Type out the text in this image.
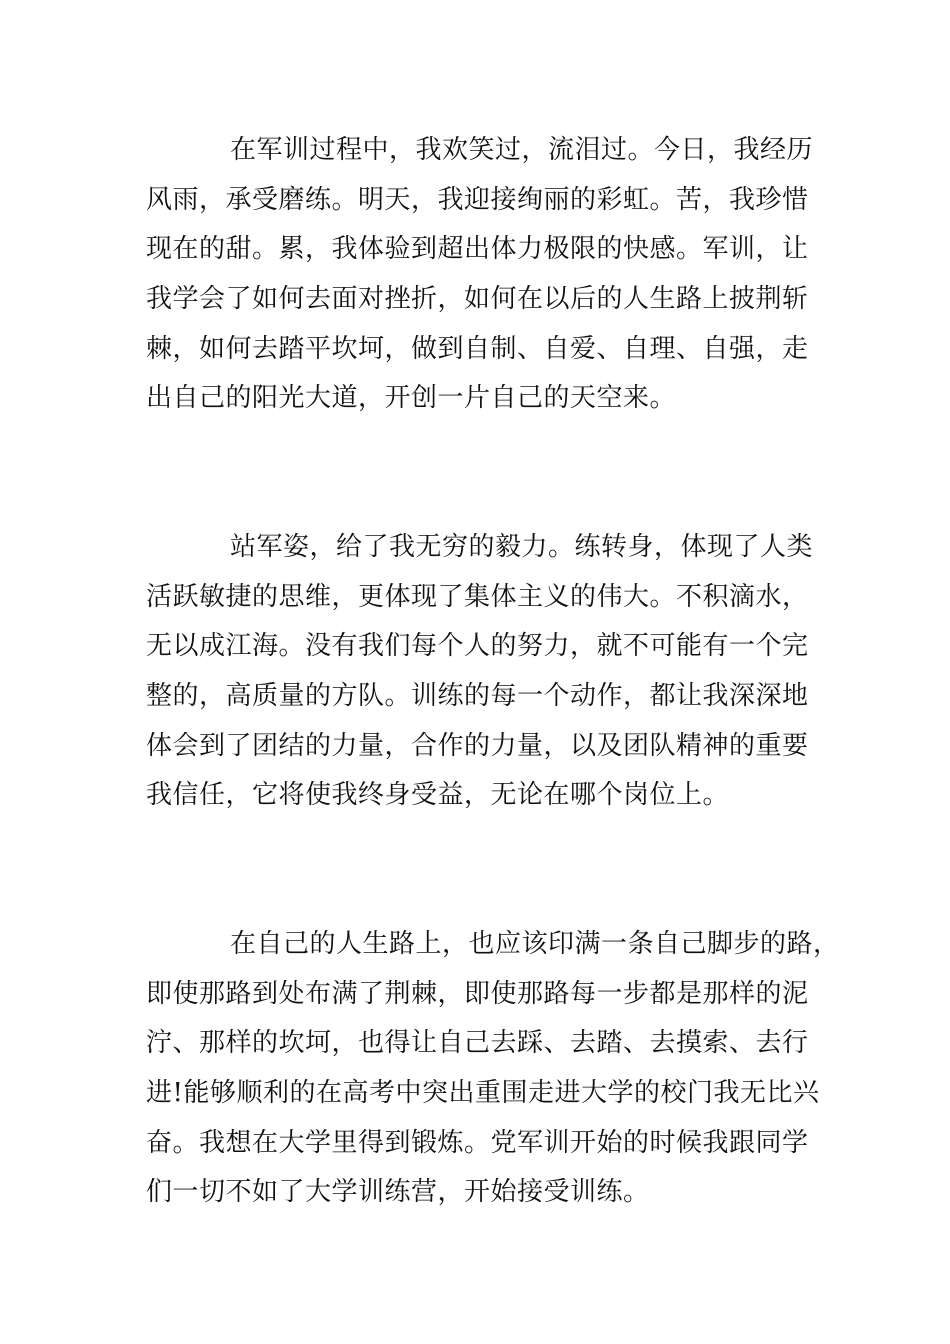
在军训过程中，我欢笑过，流泪过。今日，我经历
风雨，承受磨练。明天，我迎接绚丽的彩虹。苦，我珍惜
现在的甜。累，我体验到超出体力极限的快感。军训，让
我学会了如何去面对挫折，如何在以后的人生路上披荆斩
棘，如何去踏平坎坷，做到自制、自爱、自理、自强，走
出自己的阳光大道，开创一片自己的天空来。
站军姿，给了我无穷的毅力。练转身，体现了人类
活跃敏捷的思维，更体现了集体主义的伟大。不积滴水，
无以成江海。没有我们每个人的努力，就不可能有一个完
整的，高质量的方队。训练的每一个动作，都让我深深地
体会到了团结的力量，合作的力量，以及团队精神的重要
我信任，它将使我终身受益，无论在哪个岗位上。
在自己的人生路上，也应该印满一条自己脚步的路，
即使那路到处布满了荆棘，即使那路每一步都是那样的泥
泞、那样的坎坷，也得让自己去踩、去踏、去摸索、去行
进!能够顺利的在高考中突出重围走进大学的校门我无比兴
奋。我想在大学里得到锻炼。党军训开始的时候我跟同学
们一切不如了大学训练营，开始接受训练。
